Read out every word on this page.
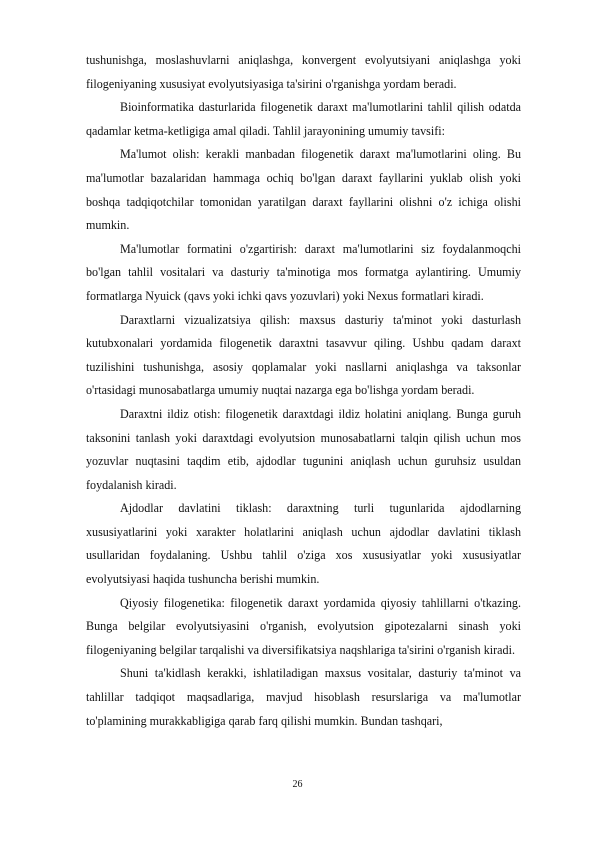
tushunishga, moslashuvlarni aniqlashga, konvergent evolyutsiyani aniqlashga yoki filogeniyaning xususiyat evolyutsiyasiga ta'sirini o'rganishga yordam beradi.

Bioinformatika dasturlarida filogenetik daraxt ma'lumotlarini tahlil qilish odatda qadamlar ketma-ketligiga amal qiladi. Tahlil jarayonining umumiy tavsifi:

Ma'lumot olish: kerakli manbadan filogenetik daraxt ma'lumotlarini oling. Bu ma'lumotlar bazalaridan hammaga ochiq bo'lgan daraxt fayllarini yuklab olish yoki boshqa tadqiqotchilar tomonidan yaratilgan daraxt fayllarini olishni o'z ichiga olishi mumkin.

Ma'lumotlar formatini o'zgartirish: daraxt ma'lumotlarini siz foydalanmoqchi bo'lgan tahlil vositalari va dasturiy ta'minotiga mos formatga aylantiring. Umumiy formatlarga Nyuick (qavs yoki ichki qavs yozuvlari) yoki Nexus formatlari kiradi.

Daraxtlarni vizualizatsiya qilish: maxsus dasturiy ta'minot yoki dasturlash kutubxonalari yordamida filogenetik daraxtni tasavvur qiling. Ushbu qadam daraxt tuzilishini tushunishga, asosiy qoplamalar yoki nasllarni aniqlashga va taksonlar o'rtasidagi munosabatlarga umumiy nuqtai nazarga ega bo'lishga yordam beradi.

Daraxtni ildiz otish: filogenetik daraxtdagi ildiz holatini aniqlang. Bunga guruh taksonini tanlash yoki daraxtdagi evolyutsion munosabatlarni talqin qilish uchun mos yozuvlar nuqtasini taqdim etib, ajdodlar tugunini aniqlash uchun guruhsiz usuldan foydalanish kiradi.

Ajdodlar davlatini tiklash: daraxtning turli tugunlarida ajdodlarning xususiyatlarini yoki xarakter holatlarini aniqlash uchun ajdodlar davlatini tiklash usullaridan foydalaning. Ushbu tahlil o'ziga xos xususiyatlar yoki xususiyatlar evolyutsiyasi haqida tushuncha berishi mumkin.

Qiyosiy filogenetika: filogenetik daraxt yordamida qiyosiy tahlillarni o'tkazing. Bunga belgilar evolyutsiyasini o'rganish, evolyutsion gipotezalarni sinash yoki filogeniyaning belgilar tarqalishi va diversifikatsiya naqshlariga ta'sirini o'rganish kiradi.

Shuni ta'kidlash kerakki, ishlatiladigan maxsus vositalar, dasturiy ta'minot va tahlillar tadqiqot maqsadlariga, mavjud hisoblash resurslariga va ma'lumotlar to'plamining murakkabligiga qarab farq qilishi mumkin. Bundan tashqari,

26
